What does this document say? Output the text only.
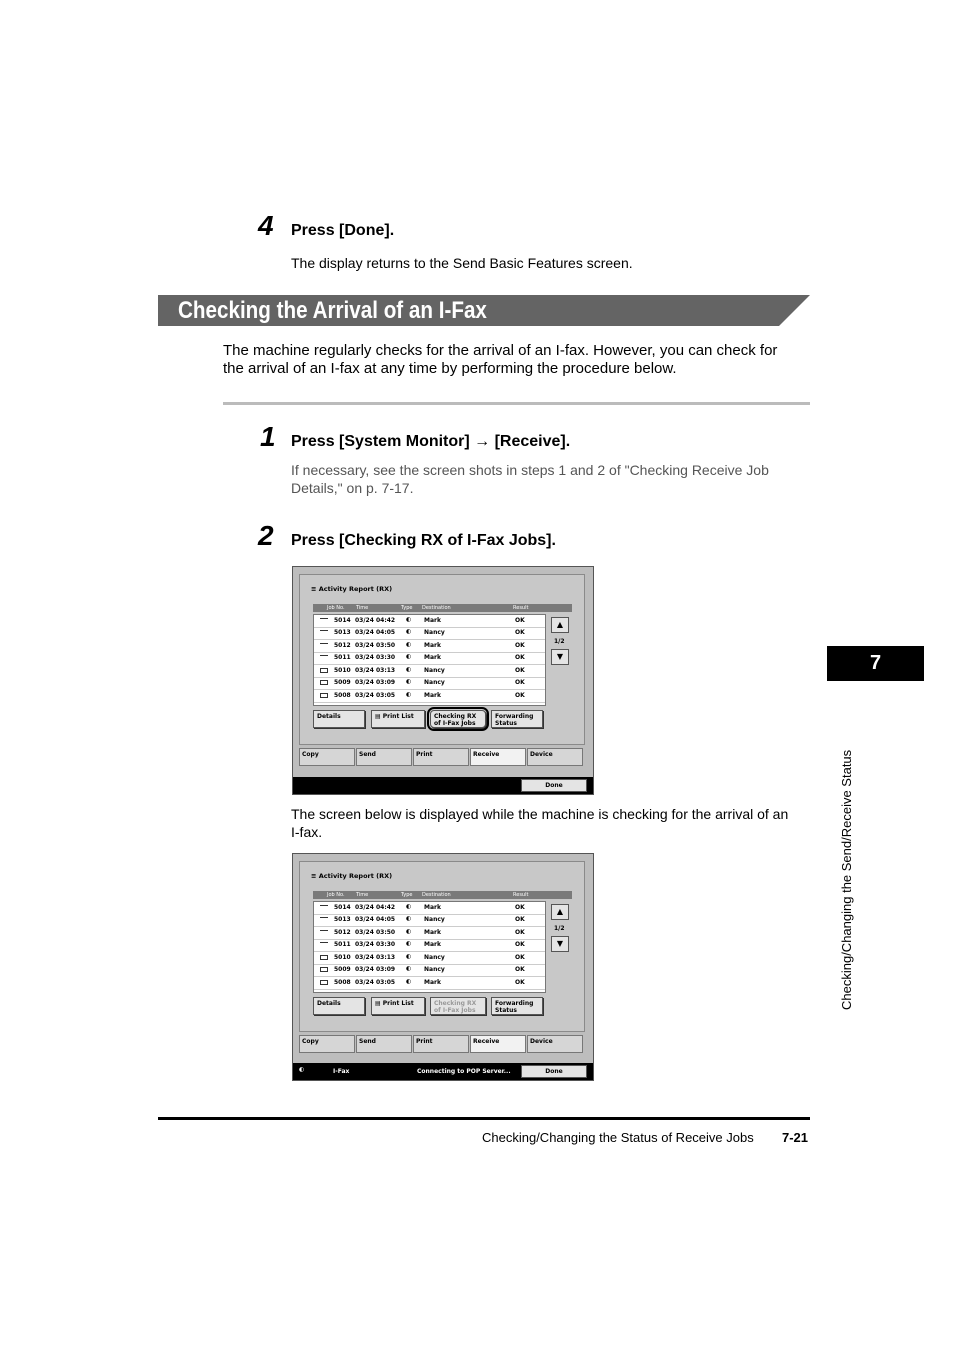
4 Press [Done].
The display returns to the Send Basic Features screen.
Checking the Arrival of an I-Fax
The machine regularly checks for the arrival of an I-fax. However, you can check for
the arrival of an I-fax at any time by performing the procedure below.
1 Press [System Monitor] → [Receive].
If necessary, see the screen shots in steps 1 and 2 of "Checking Receive Job
Details," on p. 7-17.
2 Press [Checking RX of I-Fax Jobs].
≡ Activity Report (RX)
Job No. Time	Type Destination	Result
5014 03/24 04:42 ◐	Mark	OK
5013 03/24 04:05 ◐	Nancy	OK
5012 03/24 03:50 ◐	Mark	OK
5011 03/24 03:30 ◐	Mark	OK
5010 03/24 03:13 ◐	Nancy	OK
5009 03/24 03:09 ◐	Nancy	OK
5008 03/24 03:05 ◐	Mark	OK
▲
1/2
▼
Details	▤ Print List	Checking RX
of I-Fax Jobs
Forwarding
Status
Copy	Send	Print	Receive	Device
Done
The screen below is displayed while the machine is checking for the arrival of an
I-fax.
≡ Activity Report (RX)
Job No. Time	Type Destination	Result
5014 03/24 04:42 ◐	Mark	OK
5013 03/24 04:05 ◐	Nancy	OK
5012 03/24 03:50 ◐	Mark	OK
5011 03/24 03:30 ◐	Mark	OK
5010 03/24 03:13 ◐	Nancy	OK
5009 03/24 03:09 ◐	Nancy	OK
5008 03/24 03:05 ◐	Mark	OK
▲
1/2
▼
Details	▤ Print List	Checking RX
of I-Fax Jobs
Forwarding
Status
Copy	Send	Print	Receive	Device
◐	I-Fax	Connecting to POP Server...	Done
7
Checking/Changing the Send/Receive Status
Checking/Changing the Status of Receive Jobs 7-21
